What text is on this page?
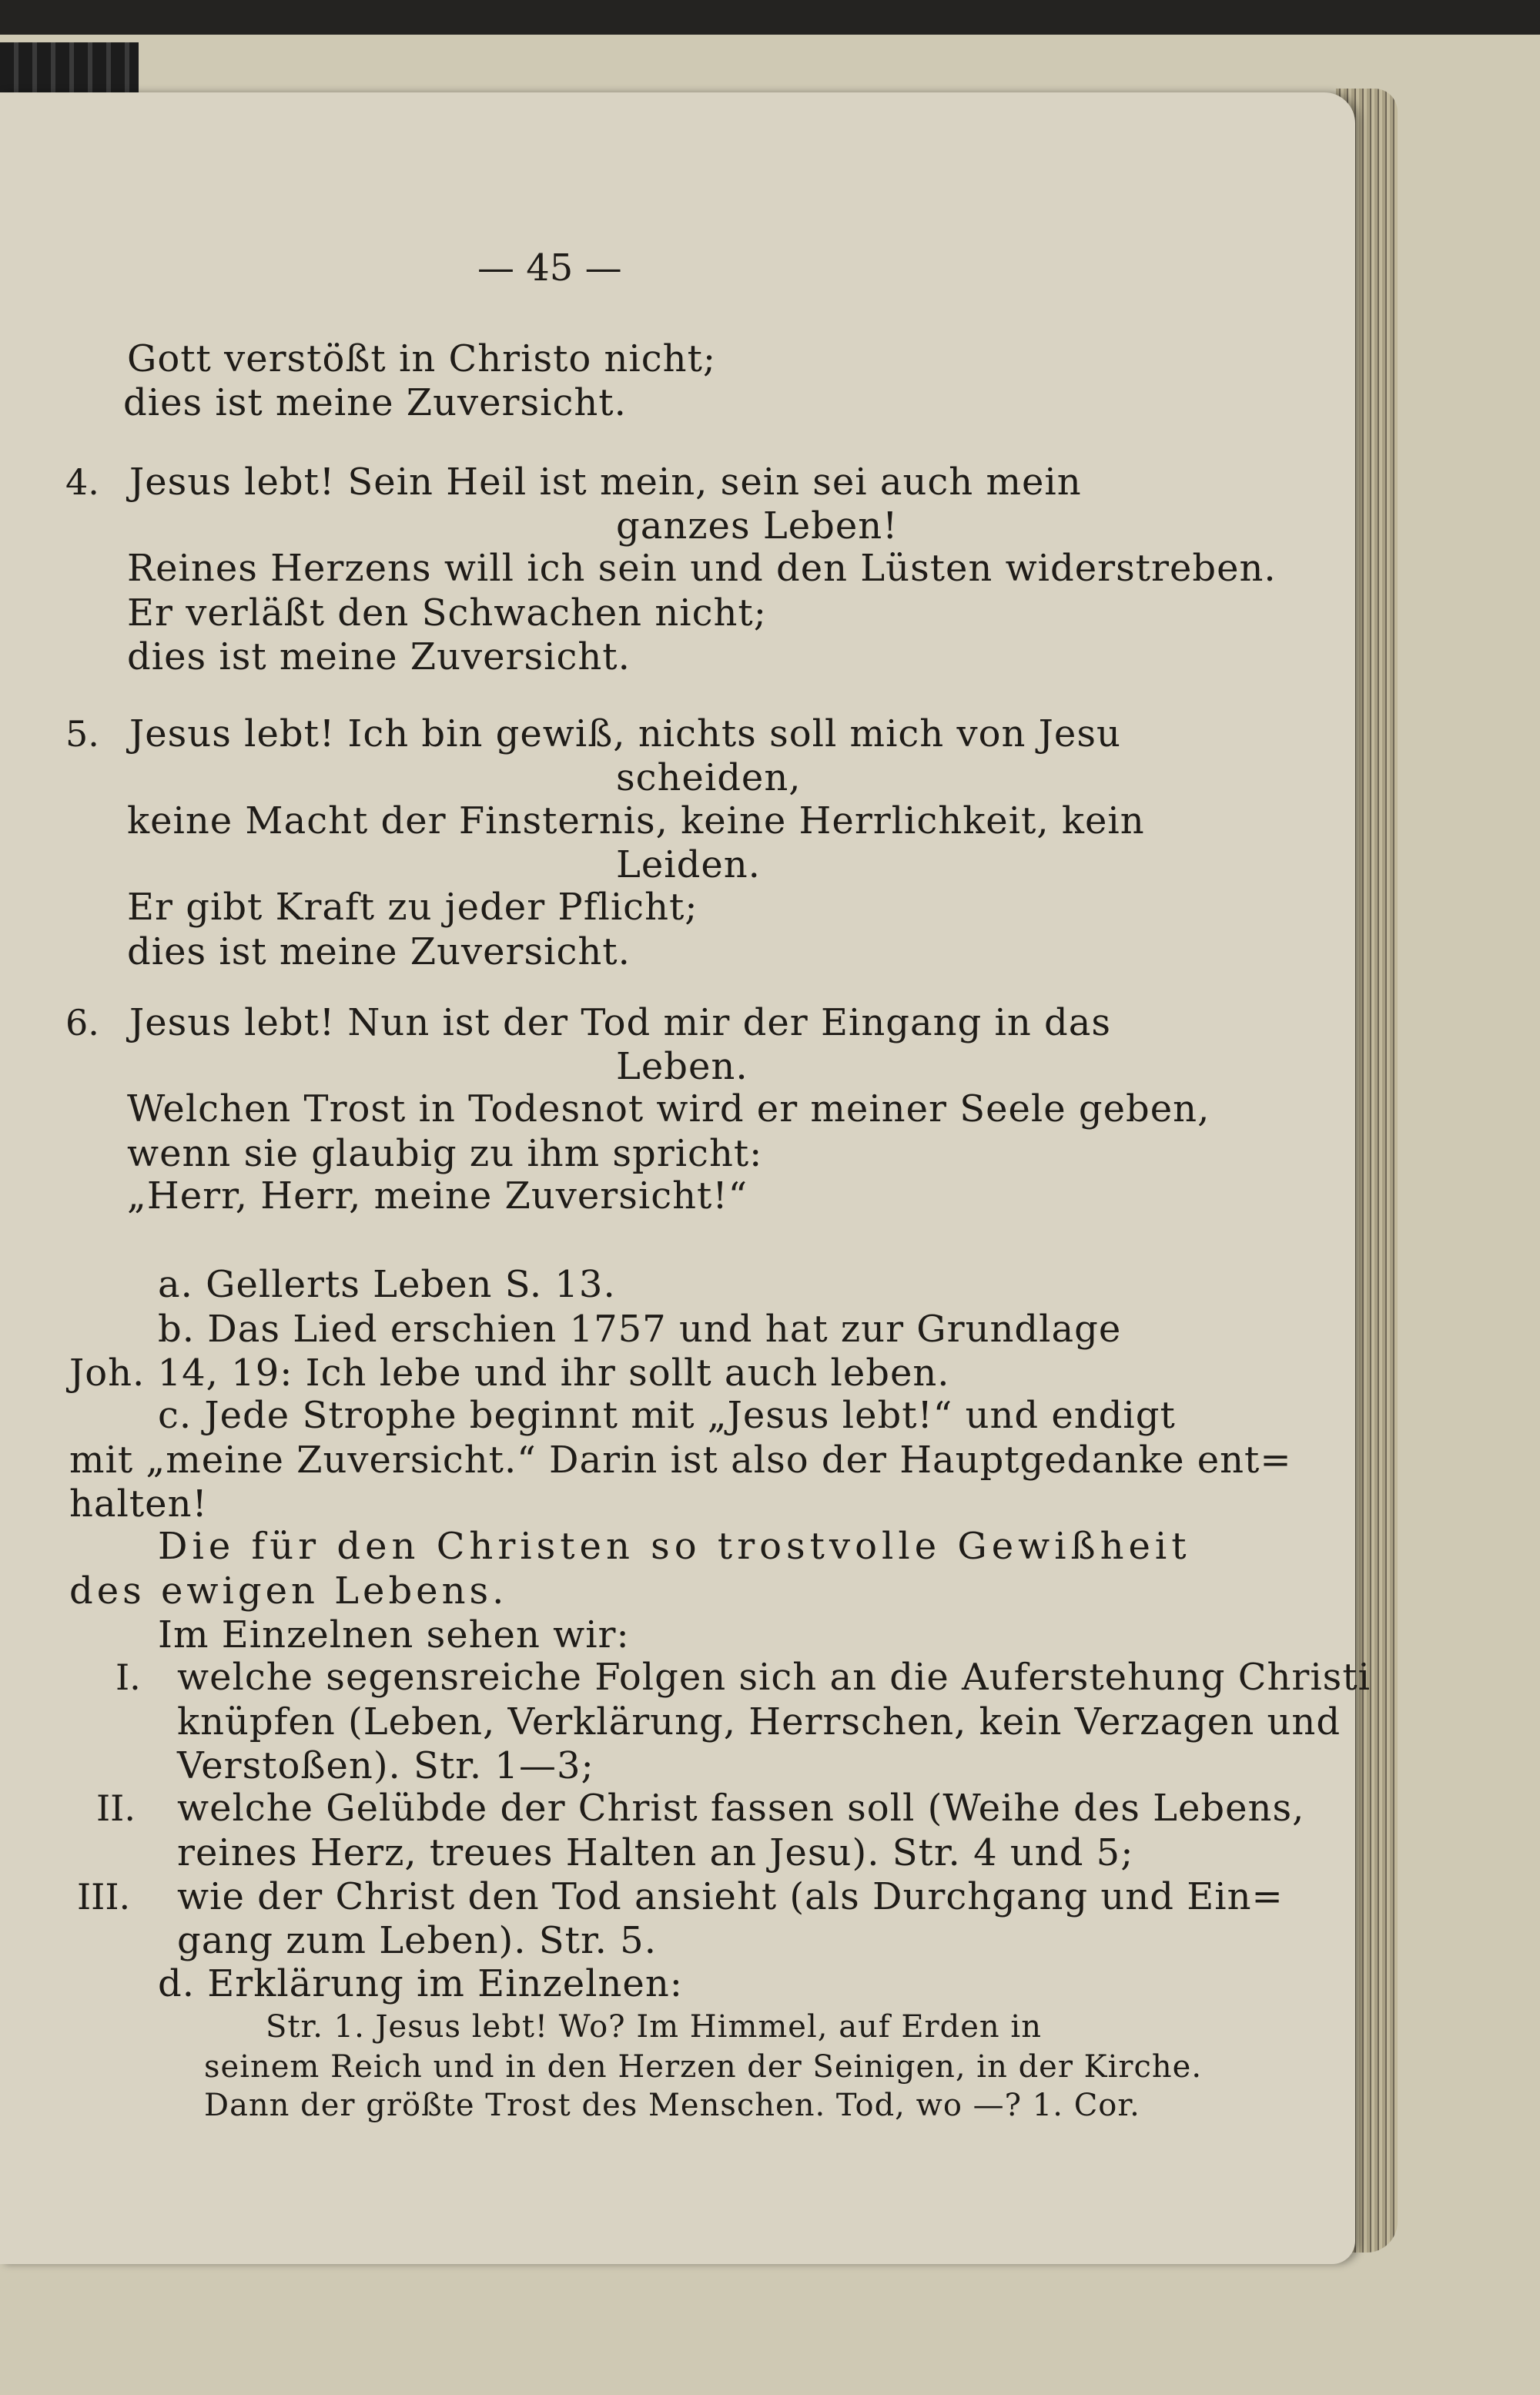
— 45 —
Gott verstößt in Christo nicht;
dies ist meine Zuversicht.
4. Jesus lebt! Sein Heil ist mein, sein sei auch mein
ganzes Leben!
Reines Herzens will ich sein und den Lüsten widerstreben.
Er verläßt den Schwachen nicht;
dies ist meine Zuversicht.
5. Jesus lebt! Ich bin gewiß, nichts soll mich von Jesu
scheiden,
keine Macht der Finsternis, keine Herrlichkeit, kein
Leiden.
Er gibt Kraft zu jeder Pflicht;
dies ist meine Zuversicht.
6. Jesus lebt! Nun ist der Tod mir der Eingang in das
Leben.
Welchen Trost in Todesnot wird er meiner Seele geben,
wenn sie glaubig zu ihm spricht:
„Herr, Herr, meine Zuversicht!“
a. Gellerts Leben S. 13.
b. Das Lied erschien 1757 und hat zur Grundlage
Joh. 14, 19: Ich lebe und ihr sollt auch leben.
c. Jede Strophe beginnt mit „Jesus lebt!“ und endigt
mit „meine Zuversicht.“ Darin ist also der Hauptgedanke ent=
halten!
Die für den Christen so trostvolle Gewißheit
des ewigen Lebens.
Im Einzelnen sehen wir:
I. welche segensreiche Folgen sich an die Auferstehung Christi
knüpfen (Leben, Verklärung, Herrschen, kein Verzagen und
Verstoßen). Str. 1—3;
II. welche Gelübde der Christ fassen soll (Weihe des Lebens,
reines Herz, treues Halten an Jesu). Str. 4 und 5;
III. wie der Christ den Tod ansieht (als Durchgang und Ein=
gang zum Leben). Str. 5.
d. Erklärung im Einzelnen:
Str. 1. Jesus lebt! Wo? Im Himmel, auf Erden in
seinem Reich und in den Herzen der Seinigen, in der Kirche.
Dann der größte Trost des Menschen. Tod, wo —? 1. Cor.
